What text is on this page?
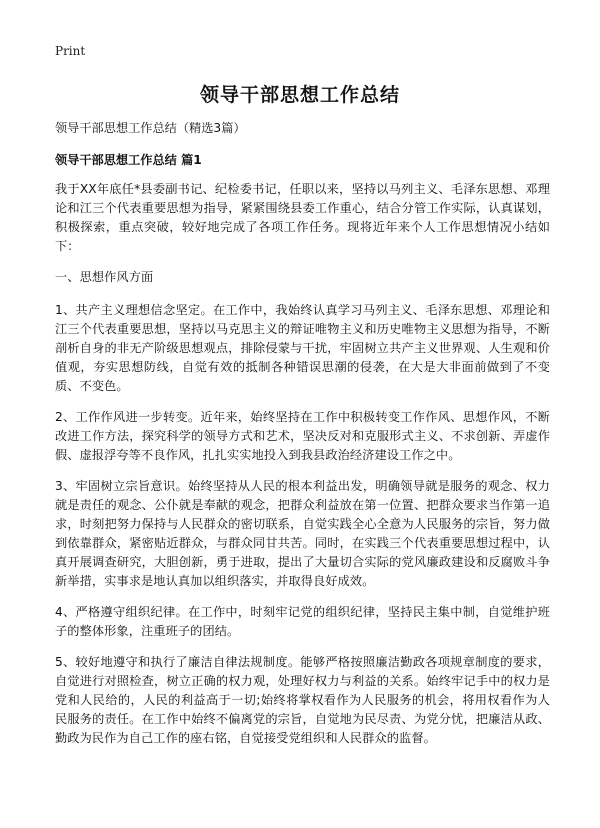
Print
领导干部思想工作总结

领导干部思想工作总结（精选3篇）

领导干部思想工作总结 篇1

我于XX年底任*县委副书记、纪检委书记，任职以来，坚持以马列主义、毛泽东思想、邓理论和江三个代表重要思想为指导，紧紧围绕县委工作重心，结合分管工作实际，认真谋划，积极探索，重点突破，较好地完成了各项工作任务。现将近年来个人工作思想情况小结如下：

一、思想作风方面

1、共产主义理想信念坚定。在工作中，我始终认真学习马列主义、毛泽东思想、邓理论和江三个代表重要思想，坚持以马克思主义的辩证唯物主义和历史唯物主义思想为指导，不断剖析自身的非无产阶级思想观点，排除侵蒙与干扰，牢固树立共产主义世界观、人生观和价值观，夯实思想防线，自觉有效的抵制各种错误思潮的侵袭，在大是大非面前做到了不变质、不变色。

2、工作作风进一步转变。近年来，始终坚持在工作中积极转变工作作风、思想作风，不断改进工作方法，探究科学的领导方式和艺术，坚决反对和克服形式主义、不求创新、弄虚作假、虚报浮夸等不良作风，扎扎实实地投入到我县政治经济建设工作之中。

3、牢固树立宗旨意识。始终坚持从人民的根本利益出发，明确领导就是服务的观念、权力就是责任的观念、公仆就是奉献的观念，把群众利益放在第一位置、把群众要求当作第一追求，时刻把努力保持与人民群众的密切联系，自觉实践全心全意为人民服务的宗旨，努力做到依靠群众，紧密贴近群众，与群众同甘共苦。同时，在实践三个代表重要思想过程中，认真开展调查研究，大胆创新，勇于进取，提出了大量切合实际的党风廉政建设和反腐败斗争新举措，实事求是地认真加以组织落实，并取得良好成效。

4、严格遵守组织纪律。在工作中，时刻牢记党的组织纪律，坚持民主集中制，自觉维护班子的整体形象，注重班子的团结。

5、较好地遵守和执行了廉洁自律法规制度。能够严格按照廉洁勤政各项规章制度的要求，自觉进行对照检查，树立正确的权力观，处理好权力与利益的关系。始终牢记手中的权力是党和人民给的，人民的利益高于一切;始终将掌权看作为人民服务的机会，将用权看作为人民服务的责任。在工作中始终不偏离党的宗旨，自觉地为民尽责、为党分忧，把廉洁从政、勤政为民作为自己工作的座右铭，自觉接受党组织和人民群众的监督。
